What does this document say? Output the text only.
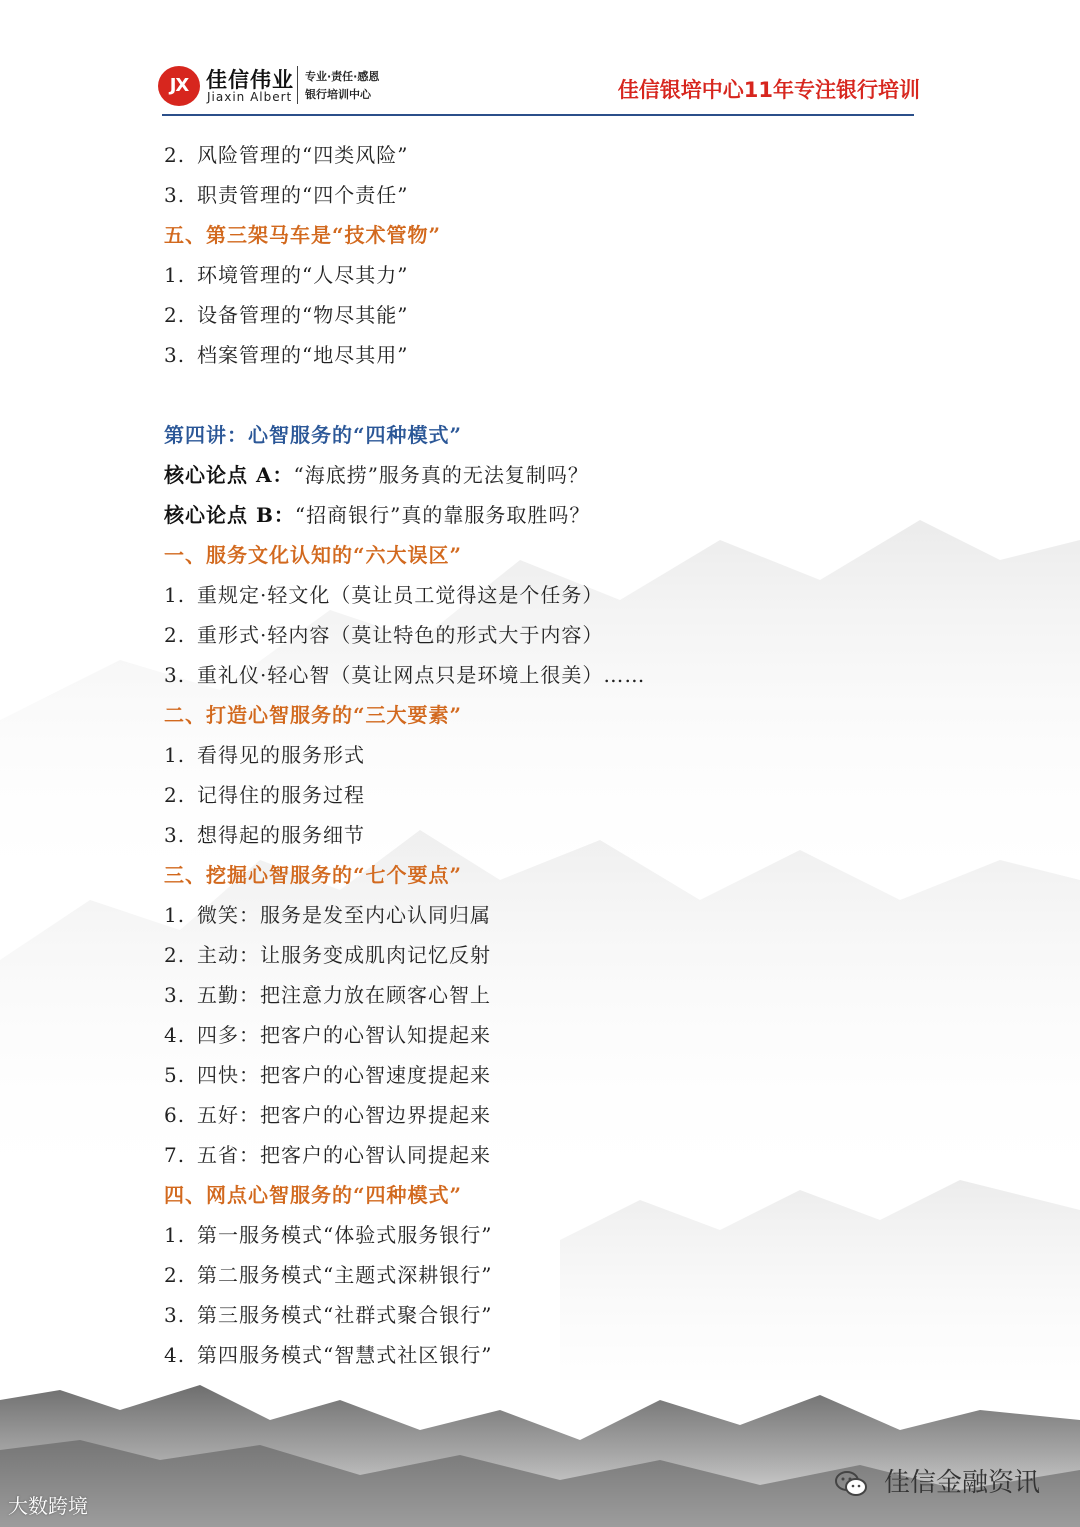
JX 佳信伟业
Jiaxin Albert
专业·责任·感恩
银行培训中心	佳信银培中心11年专注银行培训
2. 风险管理的“四类风险”
3. 职责管理的“四个责任”
五、第三架马车是“技术管物”
1. 环境管理的“人尽其力”
2. 设备管理的“物尽其能”
3. 档案管理的“地尽其用”
第四讲：心智服务的“四种模式”
核心论点 A：“海底捞”服务真的无法复制吗？
核心论点 B：“招商银行”真的靠服务取胜吗？
一、服务文化认知的“六大误区”
1. 重规定·轻文化（莫让员工觉得这是个任务）
2. 重形式·轻内容（莫让特色的形式大于内容）
3. 重礼仪·轻心智（莫让网点只是环境上很美）……
二、打造心智服务的“三大要素”
1. 看得见的服务形式
2. 记得住的服务过程
3. 想得起的服务细节
三、挖掘心智服务的“七个要点”
1. 微笑：服务是发至内心认同归属
2. 主动：让服务变成肌肉记忆反射
3. 五勤：把注意力放在顾客心智上
4. 四多：把客户的心智认知提起来
5. 四快：把客户的心智速度提起来
6. 五好：把客户的心智边界提起来
7. 五省：把客户的心智认同提起来
四、网点心智服务的“四种模式”
1. 第一服务模式“体验式服务银行”
2. 第二服务模式“主题式深耕银行”
3. 第三服务模式“社群式聚合银行”
4. 第四服务模式“智慧式社区银行”
大数跨境
佳信金融资讯
